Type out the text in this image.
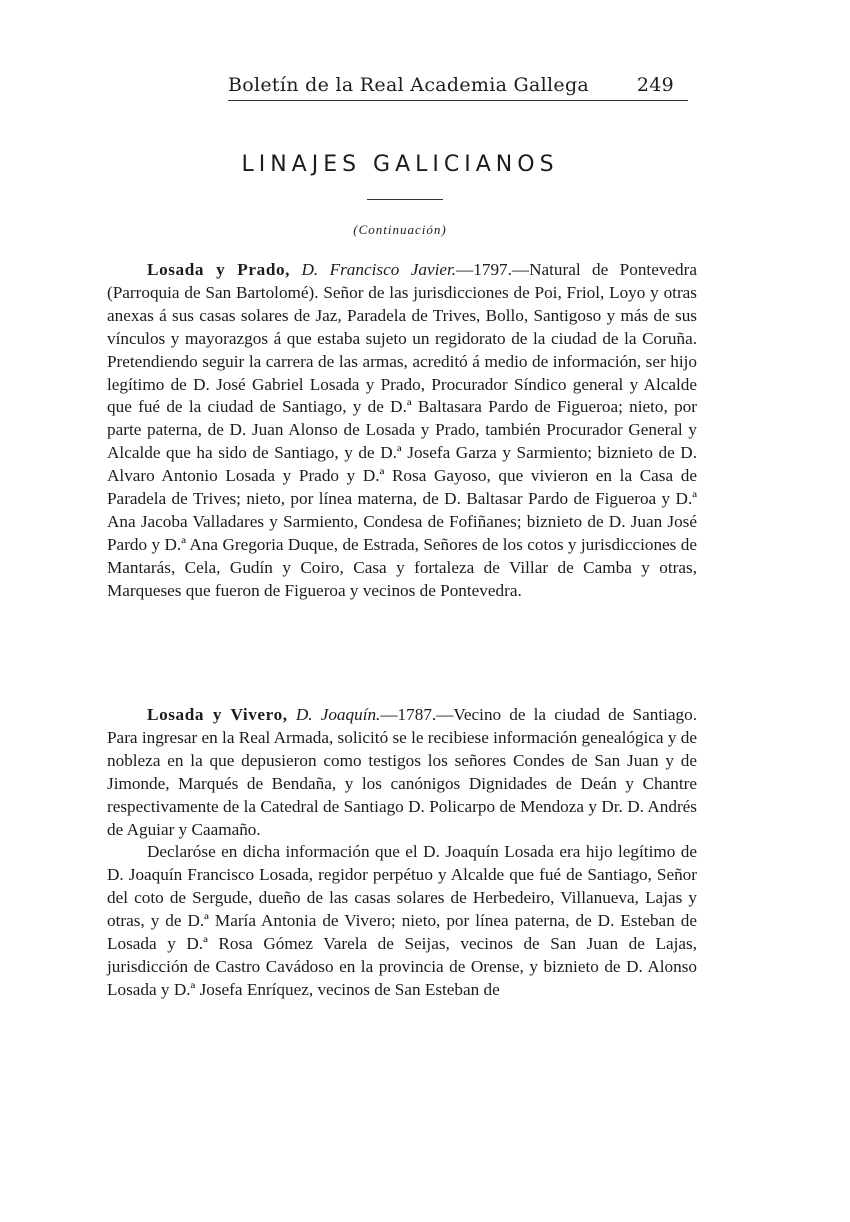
Boletín de la Real Academia Gallega	249
LINAJES GALICIANOS
(Continuación)

Losada y Prado, D. Francisco Javier.—1797.—Natural de Pontevedra (Parroquia de San Bartolomé). Señor de las jurisdicciones de Poi, Friol, Loyo y otras anexas á sus casas solares de Jaz, Paradela de Trives, Bollo, Santigoso y más de sus vínculos y mayorazgos á que estaba sujeto un regidorato de la ciudad de la Coruña. Pretendiendo seguir la carrera de las armas, acreditó á medio de información, ser hijo legítimo de D. José Gabriel Losada y Prado, Procurador Síndico general y Alcalde que fué de la ciudad de Santiago, y de D.ª Baltasara Pardo de Figueroa; nieto, por parte paterna, de D. Juan Alonso de Losada y Prado, también Procurador General y Alcalde que ha sido de Santiago, y de D.ª Josefa Garza y Sarmiento; biznieto de D. Alvaro Antonio Losada y Prado y D.ª Rosa Gayoso, que vivieron en la Casa de Paradela de Trives; nieto, por línea materna, de D. Baltasar Pardo de Figueroa y D.ª Ana Jacoba Valladares y Sarmiento, Condesa de Fofiñanes; biznieto de D. Juan José Pardo y D.ª Ana Gregoria Duque, de Estrada, Señores de los cotos y jurisdicciones de Mantarás, Cela, Gudín y Coiro, Casa y fortaleza de Villar de Camba y otras, Marqueses que fueron de Figueroa y vecinos de Pontevedra.

Losada y Vivero, D. Joaquín.—1787.—Vecino de la ciudad de Santiago. Para ingresar en la Real Armada, solicitó se le recibiese información genealógica y de nobleza en la que depusieron como testigos los señores Condes de San Juan y de Jimonde, Marqués de Bendaña, y los canónigos Dignidades de Deán y Chantre respectivamente de la Catedral de Santiago D. Policarpo de Mendoza y Dr. D. Andrés de Aguiar y Caamaño.

Declaróse en dicha información que el D. Joaquín Losada era hijo legítimo de D. Joaquín Francisco Losada, regidor perpétuo y Alcalde que fué de Santiago, Señor del coto de Sergude, dueño de las casas solares de Herbedeiro, Villanueva, Lajas y otras, y de D.ª María Antonia de Vivero; nieto, por línea paterna, de D. Esteban de Losada y D.ª Rosa Gómez Varela de Seijas, vecinos de San Juan de Lajas, jurisdicción de Castro Cavádoso en la provincia de Orense, y biznieto de D. Alonso Losada y D.ª Josefa Enríquez, vecinos de San Esteban de
